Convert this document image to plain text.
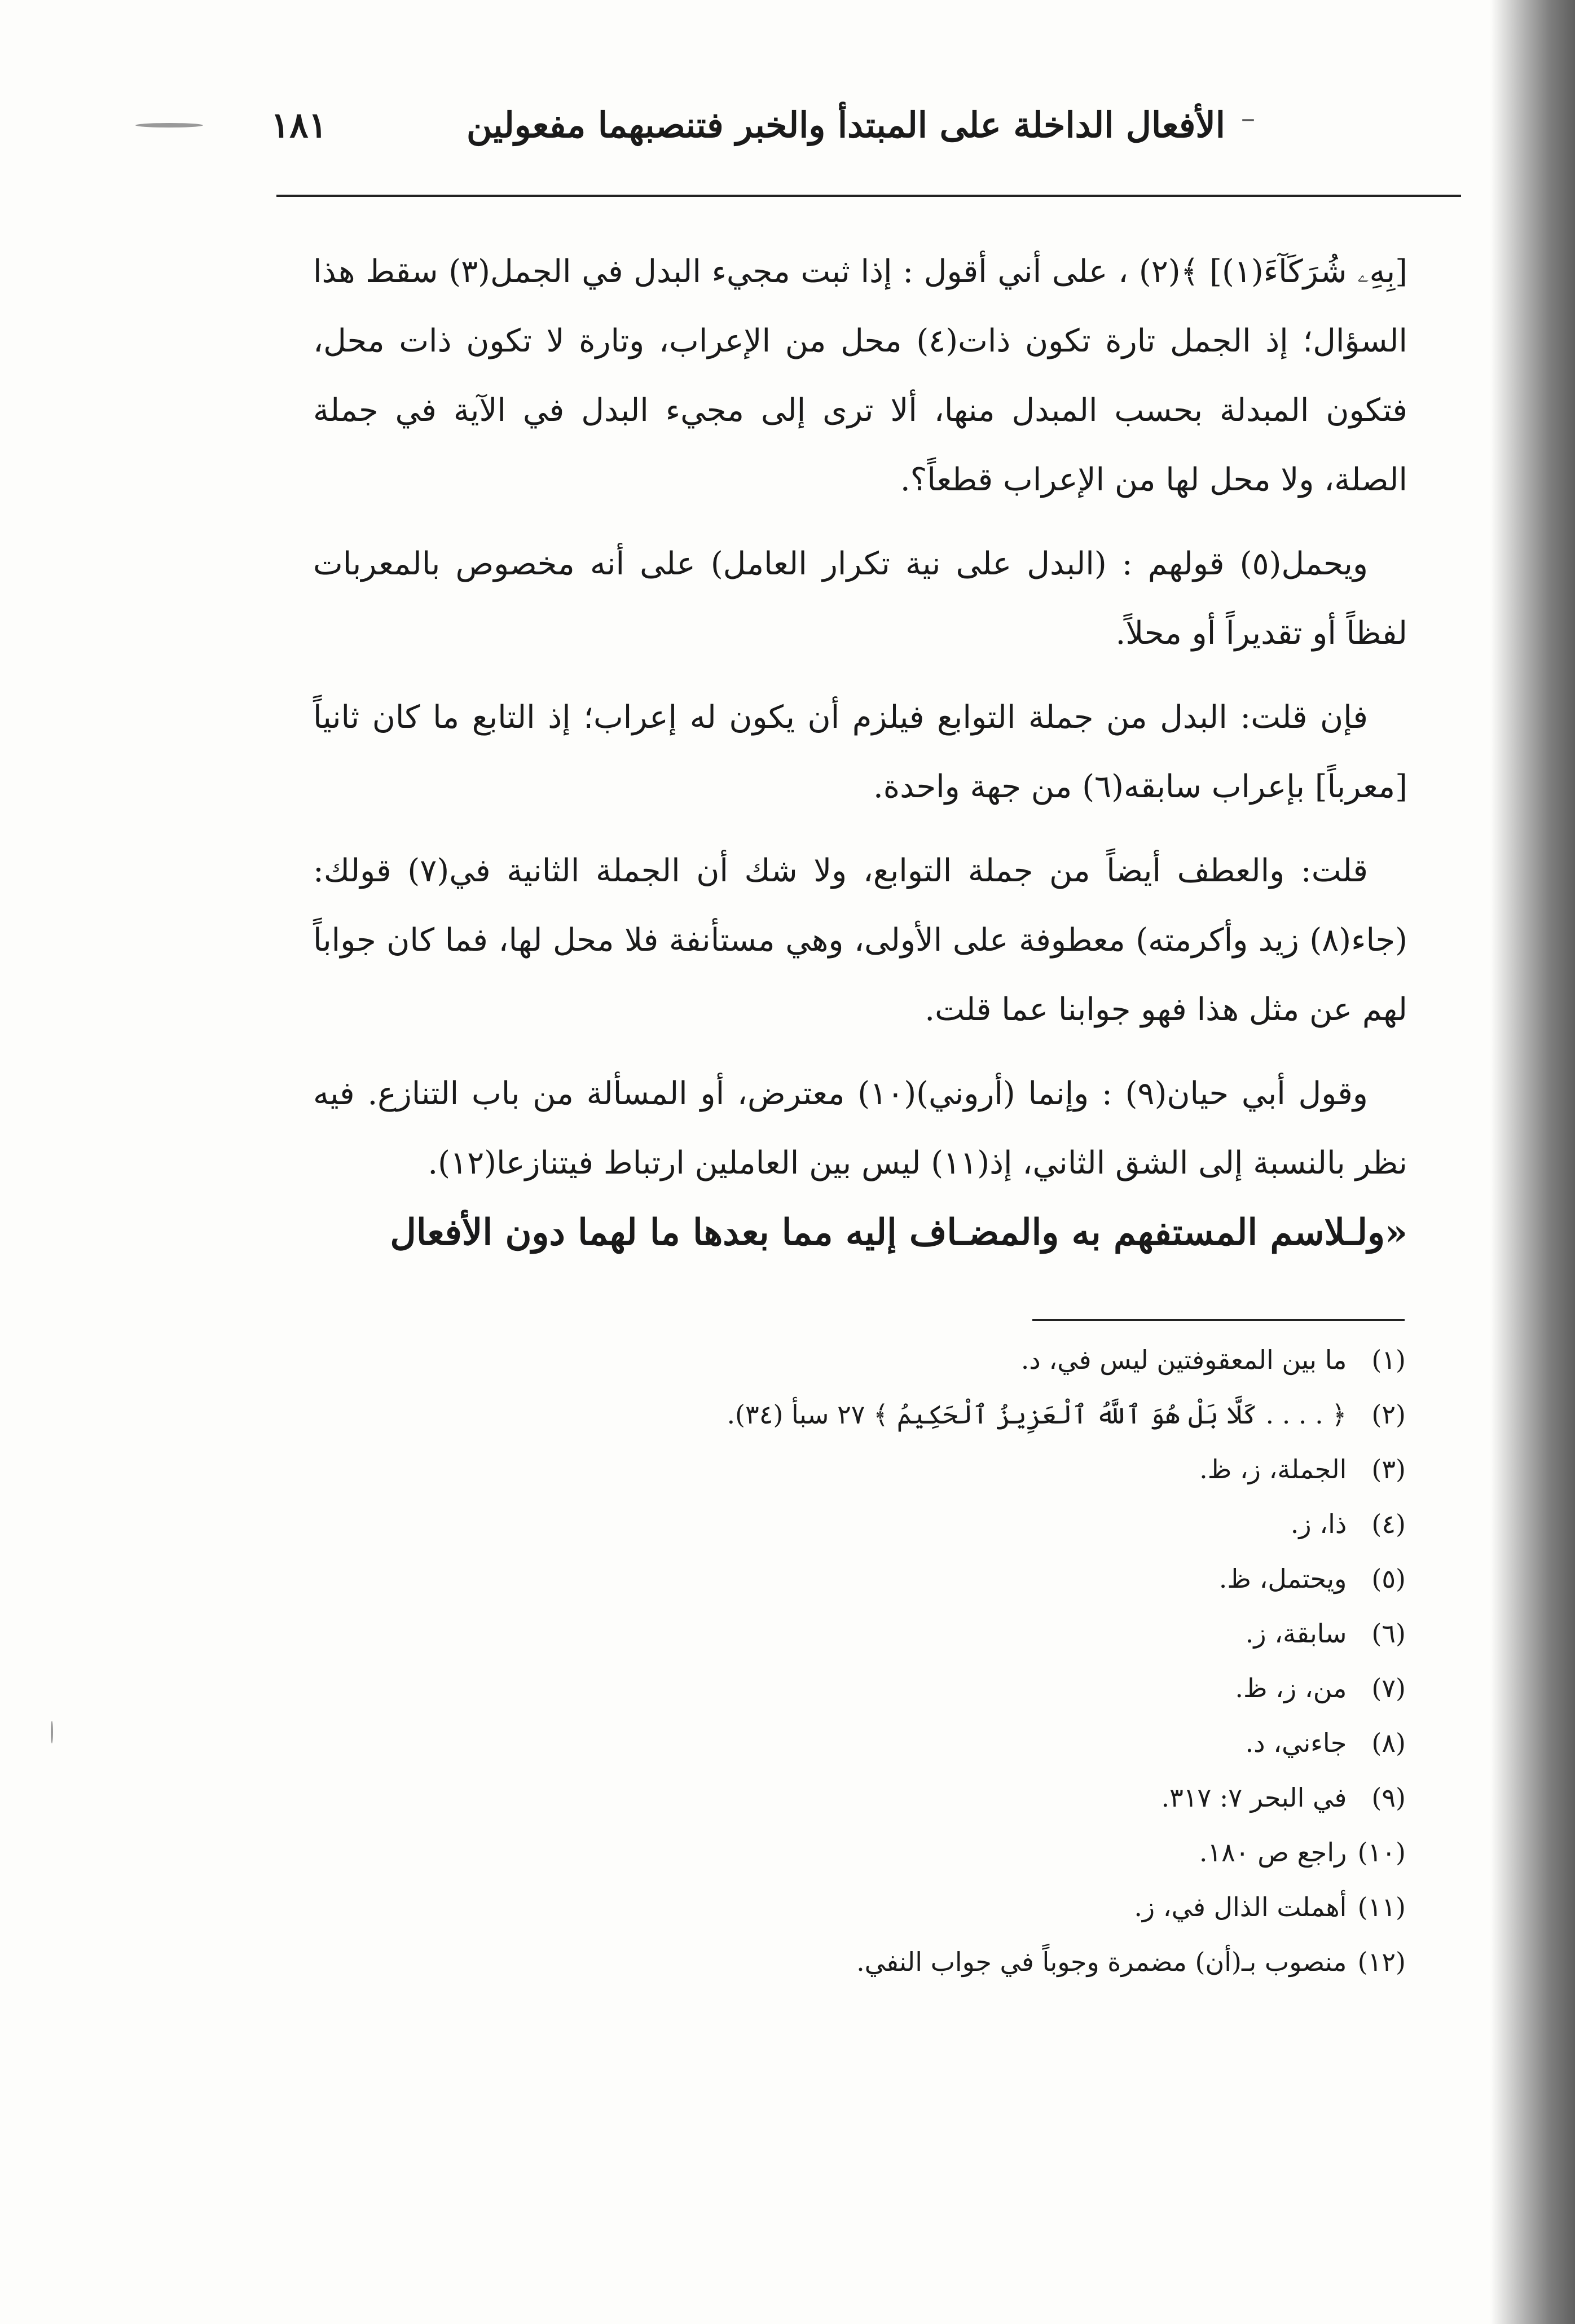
الأفعال الداخلة على المبتدأ والخبر فتنصبهما مفعولين –
١٨١

[بِهِۦ شُرَكَآءَ(١)] ﴾(٢) ، على أني أقول : إذا ثبت مجيء البدل في الجمل(٣) سقط هذا السؤال؛ إذ الجمل تارة تكون ذات(٤) محل من الإعراب، وتارة لا تكون ذات محل، فتكون المبدلة بحسب المبدل منها، ألا ترى إلى مجيء البدل في الآية في جملة الصلة، ولا محل لها من الإعراب قطعاً؟.

ويحمل(٥) قولهم : (البدل على نية تكرار العامل) على أنه مخصوص بالمعربات لفظاً أو تقديراً أو محلاً.

فإن قلت: البدل من جملة التوابع فيلزم أن يكون له إعراب؛ إذ التابع ما كان ثانياً [معرباً] بإعراب سابقه(٦) من جهة واحدة.

قلت: والعطف أيضاً من جملة التوابع، ولا شك أن الجملة الثانية في(٧) قولك: (جاء(٨) زيد وأكرمته) معطوفة على الأولى، وهي مستأنفة فلا محل لها، فما كان جواباً لهم عن مثل هذا فهو جوابنا عما قلت.

وقول أبي حيان(٩) : وإنما (أروني)(١٠) معترض، أو المسألة من باب التنازع. فيه نظر بالنسبة إلى الشق الثاني، إذ(١١) ليس بين العاملين ارتباط فيتنازعا(١٢).

«ولـلاسم المستفهم به والمضـاف إليه مما بعدها ما لهما دون الأفعال
(١) ما بين المعقوفتين ليس في، د.
(٢) ﴿ . . . . كَلَّا بَلْ هُوَ ٱللَّهُ ٱلْعَزِيزُ ٱلْحَكِيمُ ﴾ ٢٧ سبأ (٣٤).
(٣) الجملة، ز، ظ.
(٤) ذا، ز.
(٥) ويحتمل، ظ.
(٦) سابقة، ز.
(٧) من، ز، ظ.
(٨) جاءني، د.
(٩) في البحر ٧: ٣١٧.
(١٠) راجع ص ١٨٠.
(١١) أهملت الذال في، ز.
(١٢) منصوب بـ(أن) مضمرة وجوباً في جواب النفي.
